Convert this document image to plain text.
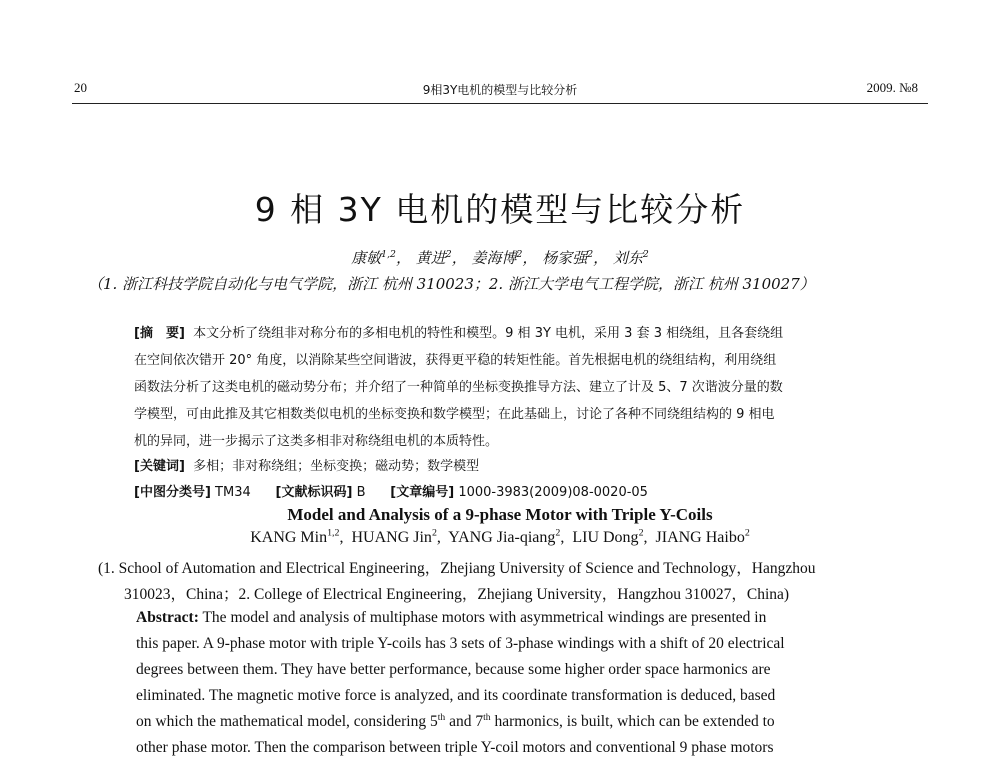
20	9相3Y电机的模型与比较分析	2009. №8
9 相 3Y 电机的模型与比较分析
康敏$^{1,2}$， 黄进$^2$， 姜海博$^2$， 杨家强$^2$， 刘东$^2$
（1. 浙江科技学院自动化与电气学院，浙江 杭州 310023；2. 浙江大学电气工程学院，浙江 杭州 310027）
[摘　要] 本文分析了绕组非对称分布的多相电机的特性和模型。9 相 3Y 电机，采用 3 套 3 相绕组，且各套绕组
在空间依次错开 20° 角度，以消除某些空间谐波，获得更平稳的转矩性能。首先根据电机的绕组结构，利用绕组
函数法分析了这类电机的磁动势分布；并介绍了一种简单的坐标变换推导方法、建立了计及 5、7 次谐波分量的数
学模型，可由此推及其它相数类似电机的坐标变换和数学模型；在此基础上，讨论了各种不同绕组结构的 9 相电
机的异同，进一步揭示了这类多相非对称绕组电机的本质特性。
[关键词] 多相；非对称绕组；坐标变换；磁动势；数学模型
[中图分类号] TM34 [文献标识码] B [文章编号] 1000-3983(2009)08-0020-05
Model and Analysis of a 9-phase Motor with Triple Y-Coils
KANG Min$^{1,2}$,  HUANG Jin$^2$,  YANG Jia-qiang$^2$,  LIU Dong$^2$,  JIANG Haibo$^2$
(1. School of Automation and Electrical Engineering，Zhejiang University of Science and Technology，Hangzhou
310023，China；2. College of Electrical Engineering，Zhejiang University，Hangzhou 310027，China)
Abstract: The model and analysis of multiphase motors with asymmetrical windings are presented in
this paper. A 9-phase motor with triple Y-coils has 3 sets of 3-phase windings with a shift of 20 electrical
degrees between them. They have better performance, because some higher order space harmonics are
eliminated. The magnetic motive force is analyzed, and its coordinate transformation is deduced, based
on which the mathematical model, considering 5th and 7th harmonics, is built, which can be extended to
other phase motor. Then the comparison between triple Y-coil motors and conventional 9 phase motors
